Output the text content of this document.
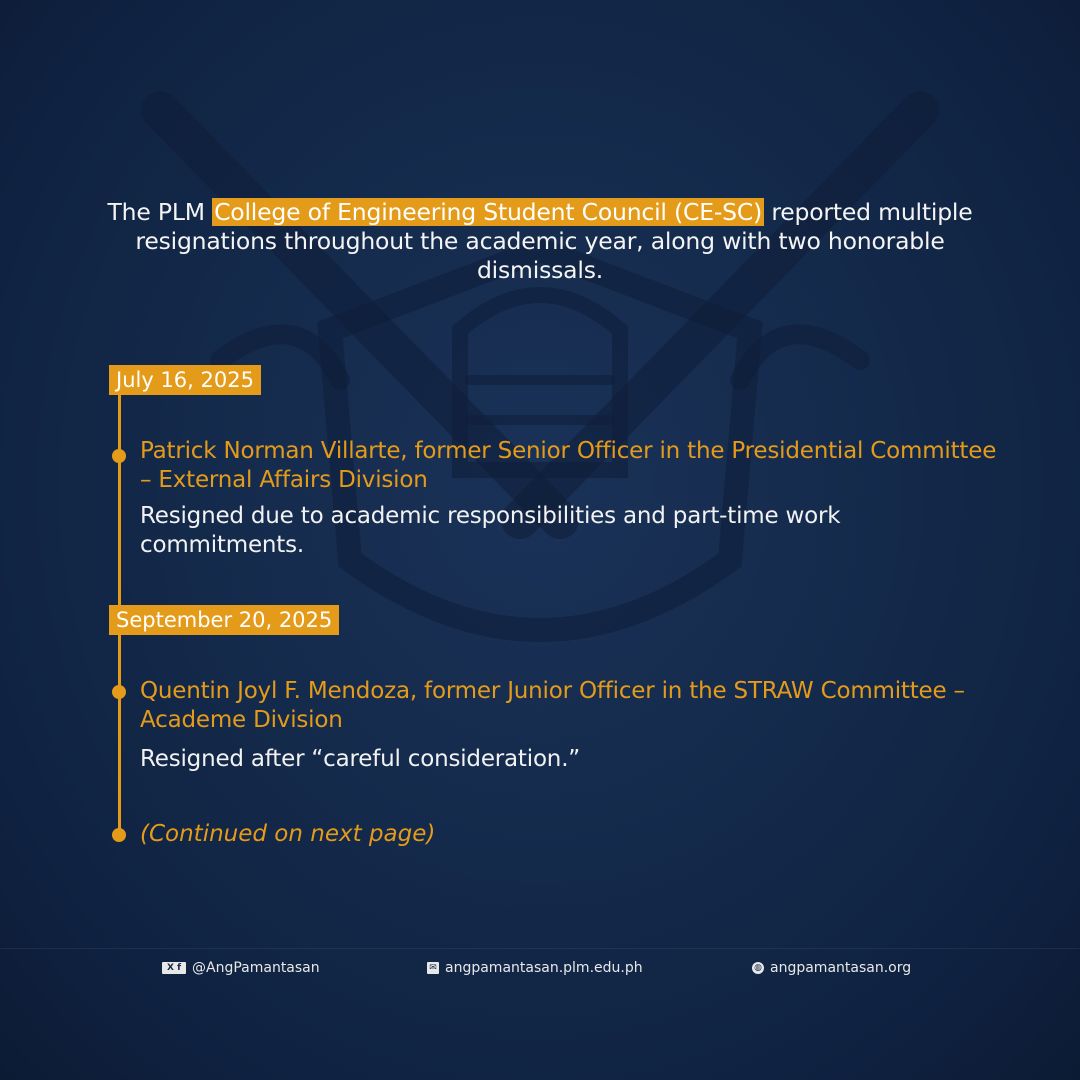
The PLM College of Engineering Student Council (CE-SC) reported multiple resignations throughout the academic year, along with two honorable dismissals.
July 16, 2025
Patrick Norman Villarte, former Senior Officer in the Presidential Committee – External Affairs Division
Resigned due to academic responsibilities and part-time work commitments.
September 20, 2025
Quentin Joyl F. Mendoza, former Junior Officer in the STRAW Committee – Academe Division
Resigned after “careful consideration.”
(Continued on next page)
X f @AngPamantasan	✉ angpamantasan.plm.edu.ph	◍ angpamantasan.org
